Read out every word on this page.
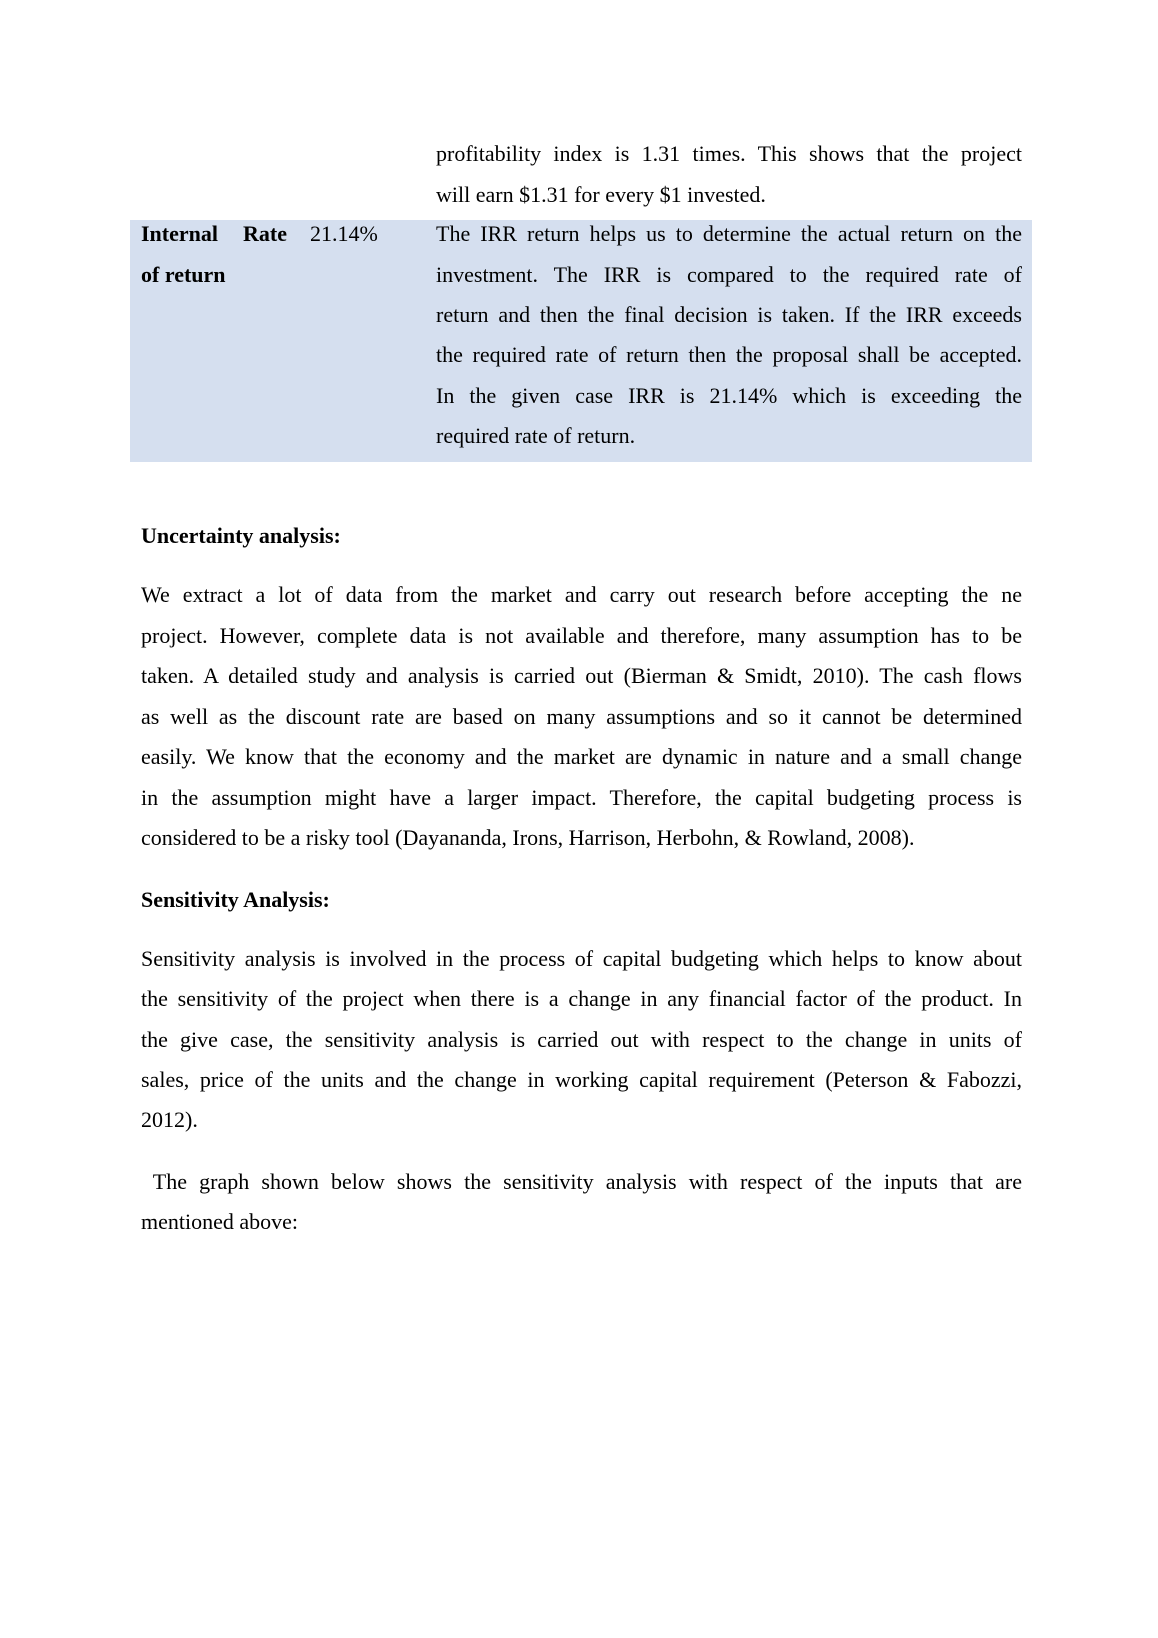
profitability index is 1.31 times. This shows that the project
will earn $1.31 for every $1 invested.
Internal Rate
of return
21.14%	The IRR return helps us to determine the actual return on the
investment. The IRR is compared to the required rate of
return and then the final decision is taken. If the IRR exceeds
the required rate of return then the proposal shall be accepted.
In the given case IRR is 21.14% which is exceeding the
required rate of return.
Uncertainty analysis:
We extract a lot of data from the market and carry out research before accepting the ne
project. However, complete data is not available and therefore, many assumption has to be
taken. A detailed study and analysis is carried out (Bierman & Smidt, 2010). The cash flows
as well as the discount rate are based on many assumptions and so it cannot be determined
easily. We know that the economy and the market are dynamic in nature and a small change
in the assumption might have a larger impact. Therefore, the capital budgeting process is
considered to be a risky tool (Dayananda, Irons, Harrison, Herbohn, & Rowland, 2008).
Sensitivity Analysis:
Sensitivity analysis is involved in the process of capital budgeting which helps to know about
the sensitivity of the project when there is a change in any financial factor of the product. In
the give case, the sensitivity analysis is carried out with respect to the change in units of
sales, price of the units and the change in working capital requirement (Peterson & Fabozzi,
2012).
The graph shown below shows the sensitivity analysis with respect of the inputs that are
mentioned above:
